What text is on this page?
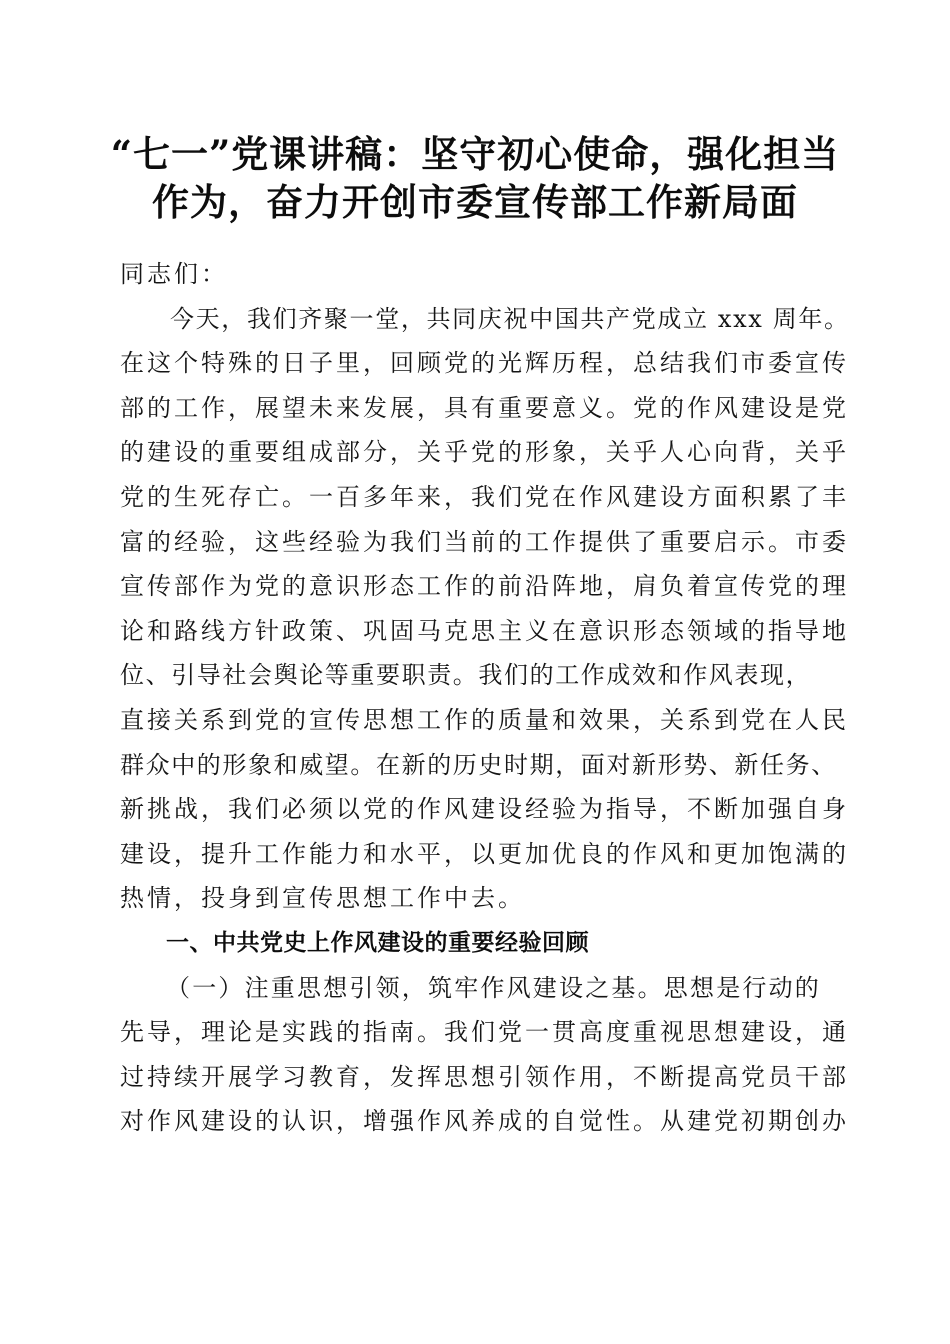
“七一”党课讲稿：坚守初心使命，强化担当
作为，奋力开创市委宣传部工作新局面
同志们：
今天，我们齐聚一堂，共同庆祝中国共产党成立 xxx 周年。
在这个特殊的日子里，回顾党的光辉历程，总结我们市委宣传
部的工作，展望未来发展，具有重要意义。党的作风建设是党
的建设的重要组成部分，关乎党的形象，关乎人心向背，关乎
党的生死存亡。一百多年来，我们党在作风建设方面积累了丰
富的经验，这些经验为我们当前的工作提供了重要启示。市委
宣传部作为党的意识形态工作的前沿阵地，肩负着宣传党的理
论和路线方针政策、巩固马克思主义在意识形态领域的指导地
位、引导社会舆论等重要职责。我们的工作成效和作风表现，
直接关系到党的宣传思想工作的质量和效果，关系到党在人民
群众中的形象和威望。在新的历史时期，面对新形势、新任务、
新挑战，我们必须以党的作风建设经验为指导，不断加强自身
建设，提升工作能力和水平，以更加优良的作风和更加饱满的
热情，投身到宣传思想工作中去。
一、中共党史上作风建设的重要经验回顾
（一）注重思想引领，筑牢作风建设之基。思想是行动的
先导，理论是实践的指南。我们党一贯高度重视思想建设，通
过持续开展学习教育，发挥思想引领作用，不断提高党员干部
对作风建设的认识，增强作风养成的自觉性。从建党初期创办
